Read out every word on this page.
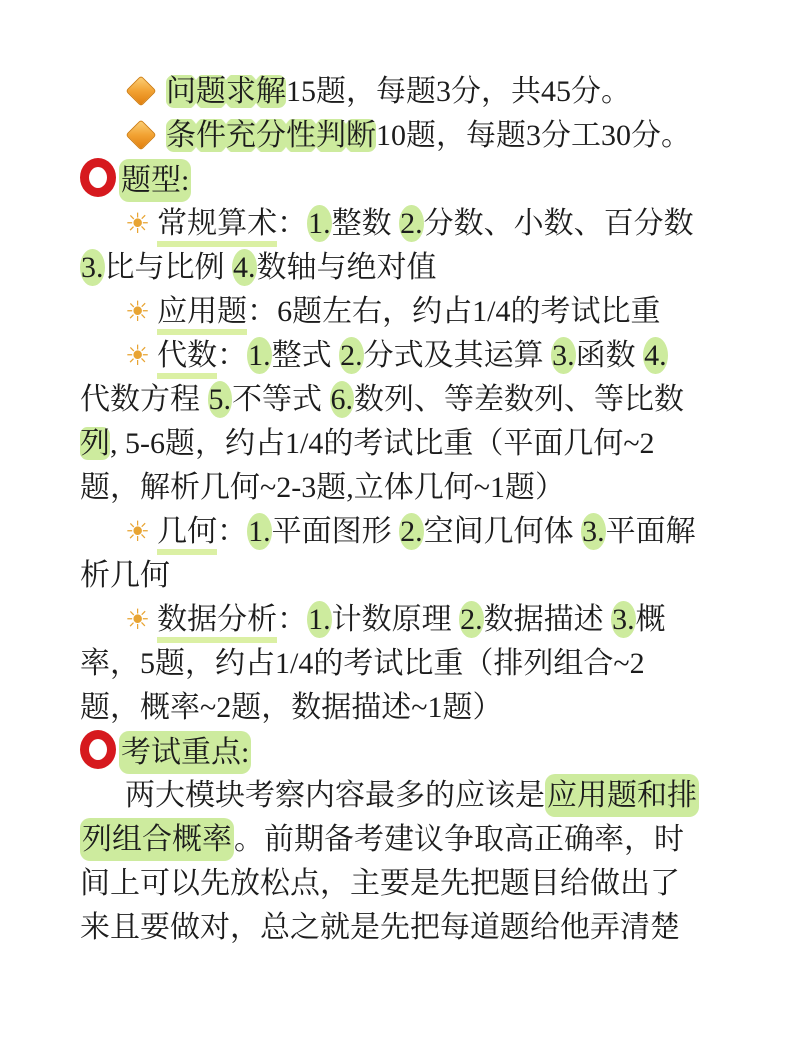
问题求解15题，每题3分，共45分。
条件充分性判断10题，每题3分工30分。
题型:
☀ 常规算术：1.整数 2.分数、小数、百分数
3.比与比例 4.数轴与绝对值
☀ 应用题：6题左右，约占1/4的考试比重
☀ 代数：1.整式 2.分式及其运算 3.函数 4.
代数方程 5.不等式 6.数列、等差数列、等比数
列, 5-6题，约占1/4的考试比重（平面几何~2
题，解析几何~2-3题,立体几何~1题）
☀ 几何：1.平面图形 2.空间几何体 3.平面解
析几何
☀ 数据分析：1.计数原理 2.数据描述 3.概
率，5题，约占1/4的考试比重（排列组合~2
题，概率~2题，数据描述~1题）
考试重点:
两大模块考察内容最多的应该是应用题和排
列组合概率。前期备考建议争取高正确率，时
间上可以先放松点，主要是先把题目给做出了
来且要做对，总之就是先把每道题给他弄清楚
